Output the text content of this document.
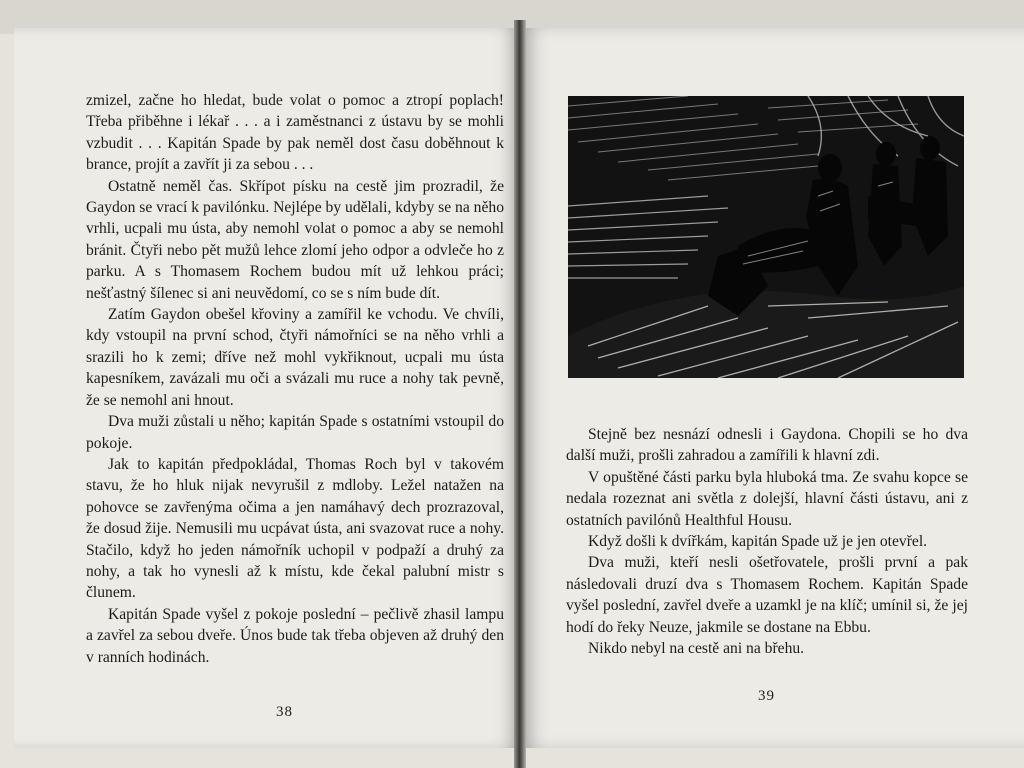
zmizel, začne ho hledat, bude volat o pomoc a ztropí poplach! Třeba přiběhne i lékař . . . a i zaměstnanci z ústavu by se mohli vzbudit . . . Kapitán Spade by pak neměl dost času doběhnout k brance, projít a zavřít ji za sebou . . .

Ostatně neměl čas. Skřípot písku na cestě jim prozradil, že Gaydon se vrací k pavilónku. Nejlépe by udělali, kdyby se na něho vrhli, ucpali mu ústa, aby nemohl volat o pomoc a aby se nemohl bránit. Čtyři nebo pět mužů lehce zlomí jeho odpor a odvleče ho z parku. A s Thomasem Rochem budou mít už lehkou práci; nešťastný šílenec si ani neuvědomí, co se s ním bude dít.

Zatím Gaydon obešel křoviny a zamířil ke vchodu. Ve chvíli, kdy vstoupil na první schod, čtyři námořníci se na něho vrhli a srazili ho k zemi; dříve než mohl vykřiknout, ucpali mu ústa kapesníkem, zavázali mu oči a svázali mu ruce a nohy tak pevně, že se nemohl ani hnout.

Dva muži zůstali u něho; kapitán Spade s ostatními vstoupil do pokoje.

Jak to kapitán předpokládal, Thomas Roch byl v takovém stavu, že ho hluk nijak nevyrušil z mdloby. Ležel natažen na pohovce se zavřenýma očima a jen namáhavý dech prozrazoval, že dosud žije. Nemusili mu ucpávat ústa, ani svazovat ruce a nohy. Stačilo, když ho jeden námořník uchopil v podpaží a druhý za nohy, a tak ho vynesli až k místu, kde čekal palubní mistr s člunem.

Kapitán Spade vyšel z pokoje poslední – pečlivě zhasil lampu a zavřel za sebou dveře. Únos bude tak třeba objeven až druhý den v ranních hodinách.

38

Stejně bez nesnází odnesli i Gaydona. Chopili se ho dva další muži, prošli zahradou a zamířili k hlavní zdi.

V opuštěné části parku byla hluboká tma. Ze svahu kopce se nedala rozeznat ani světla z dolejší, hlavní části ústavu, ani z ostatních pavilónů Healthful Housu.

Když došli k dvířkám, kapitán Spade už je jen otevřel.

Dva muži, kteří nesli ošetřovatele, prošli první a pak následovali druzí dva s Thomasem Rochem. Kapitán Spade vyšel poslední, zavřel dveře a uzamkl je na klíč; umínil si, že jej hodí do řeky Neuze, jakmile se dostane na Ebbu.

Nikdo nebyl na cestě ani na břehu.

39
